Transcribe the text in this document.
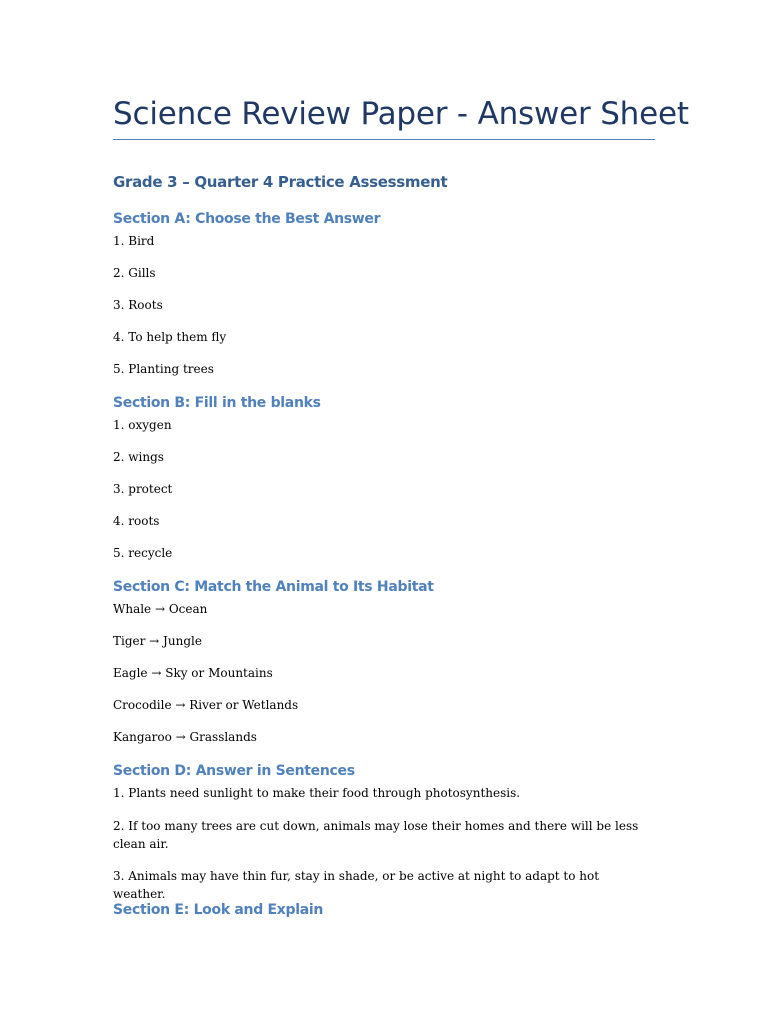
Science Review Paper - Answer Sheet
Grade 3 – Quarter 4 Practice Assessment
Section A: Choose the Best Answer

1. Bird

2. Gills

3. Roots

4. To help them fly

5. Planting trees

Section B: Fill in the blanks

1. oxygen

2. wings

3. protect

4. roots

5. recycle

Section C: Match the Animal to Its Habitat

Whale → Ocean

Tiger → Jungle

Eagle → Sky or Mountains

Crocodile → River or Wetlands

Kangaroo → Grasslands

Section D: Answer in Sentences

1. Plants need sunlight to make their food through photosynthesis.

2. If too many trees are cut down, animals may lose their homes and there will be less clean air.

3. Animals may have thin fur, stay in shade, or be active at night to adapt to hot weather.

Section E: Look and Explain
